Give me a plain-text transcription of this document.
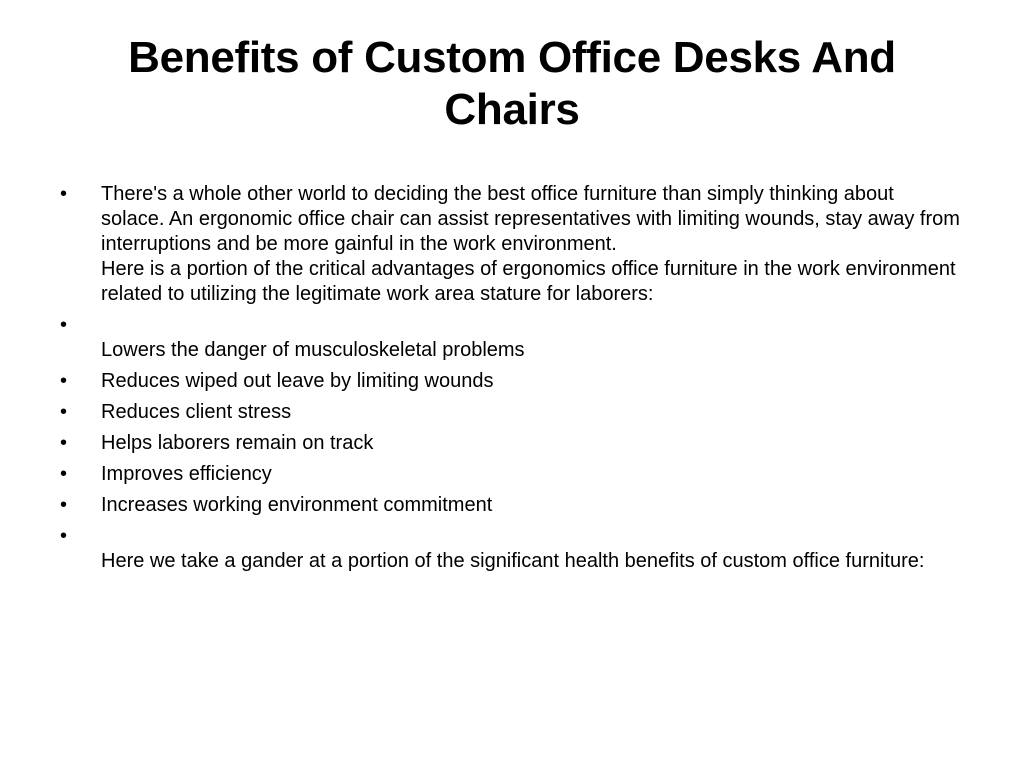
Benefits of Custom Office Desks And Chairs
•	There's a whole other world to deciding the best office furniture than simply thinking about solace. An ergonomic office chair can assist representatives with limiting wounds, stay away from interruptions and be more gainful in the work environment.
Here is a portion of the critical advantages of ergonomics office furniture in the work environment related to utilizing the legitimate work area stature for laborers:
•
Lowers the danger of musculoskeletal problems
•	Reduces wiped out leave by limiting wounds
•	Reduces client stress
•	Helps laborers remain on track
•	Improves efficiency
•	Increases working environment commitment
•
Here we take a gander at a portion of the significant health benefits of custom office furniture:
